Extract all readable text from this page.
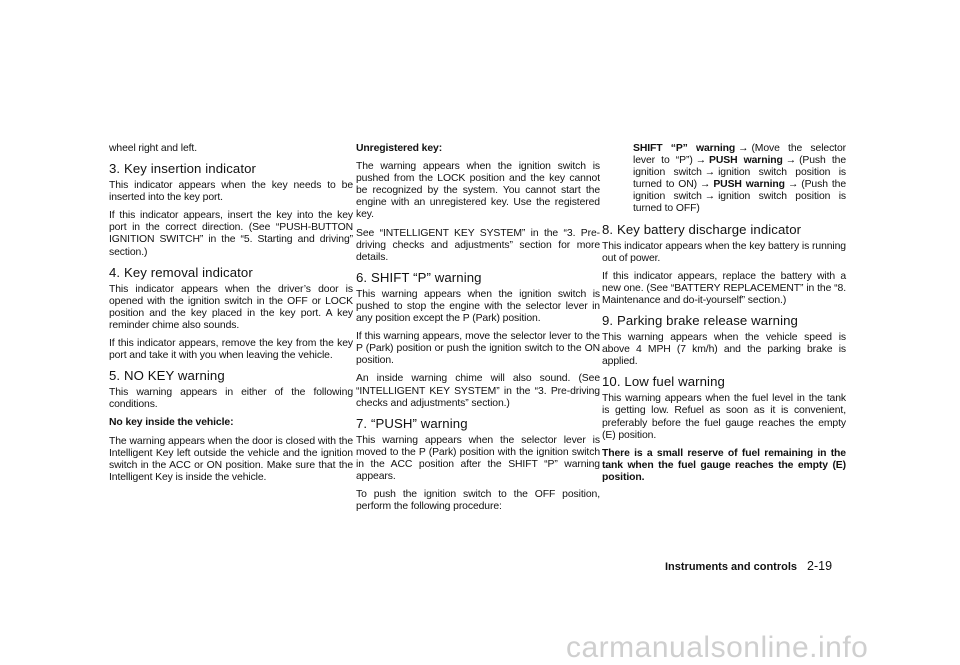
wheel right and left.

3. Key insertion indicator

This indicator appears when the key needs to be inserted into the key port.

If this indicator appears, insert the key into the key port in the correct direction. (See “PUSH-BUTTON IGNITION SWITCH” in the “5. Starting and driving” section.)

4. Key removal indicator

This indicator appears when the driver’s door is opened with the ignition switch in the OFF or LOCK position and the key placed in the key port. A key reminder chime also sounds.

If this indicator appears, remove the key from the key port and take it with you when leaving the vehicle.

5. NO KEY warning

This warning appears in either of the following conditions.

No key inside the vehicle:

The warning appears when the door is closed with the Intelligent Key left outside the vehicle and the ignition switch in the ACC or ON position. Make sure that the Intelligent Key is inside the vehicle.

Unregistered key:

The warning appears when the ignition switch is pushed from the LOCK position and the key cannot be recognized by the system. You cannot start the engine with an unregistered key. Use the registered key.

See “INTELLIGENT KEY SYSTEM” in the “3. Pre-driving checks and adjustments” section for more details.

6. SHIFT “P” warning

This warning appears when the ignition switch is pushed to stop the engine with the selector lever in any position except the P (Park) position.

If this warning appears, move the selector lever to the P (Park) position or push the ignition switch to the ON position.

An inside warning chime will also sound. (See “INTELLIGENT KEY SYSTEM” in the “3. Pre-driving checks and adjustments” section.)

7. “PUSH” warning

This warning appears when the selector lever is moved to the P (Park) position with the ignition switch in the ACC position after the SHIFT “P” warning appears.

To push the ignition switch to the OFF position, perform the following procedure:

SHIFT “P” warning → (Move the selector lever to “P”) → PUSH warning → (Push the ignition switch → ignition switch position is turned to ON) → PUSH warning → (Push the ignition switch → ignition switch position is turned to OFF)

8. Key battery discharge indicator

This indicator appears when the key battery is running out of power.

If this indicator appears, replace the battery with a new one. (See “BATTERY REPLACEMENT” in the “8. Maintenance and do-it-yourself” section.)

9. Parking brake release warning

This warning appears when the vehicle speed is above 4 MPH (7 km/h) and the parking brake is applied.

10. Low fuel warning

This warning appears when the fuel level in the tank is getting low. Refuel as soon as it is convenient, preferably before the fuel gauge reaches the empty (E) position.

There is a small reserve of fuel remaining in the tank when the fuel gauge reaches the empty (E) position.

Instruments and controls 2-19
carmanualsonline.info
